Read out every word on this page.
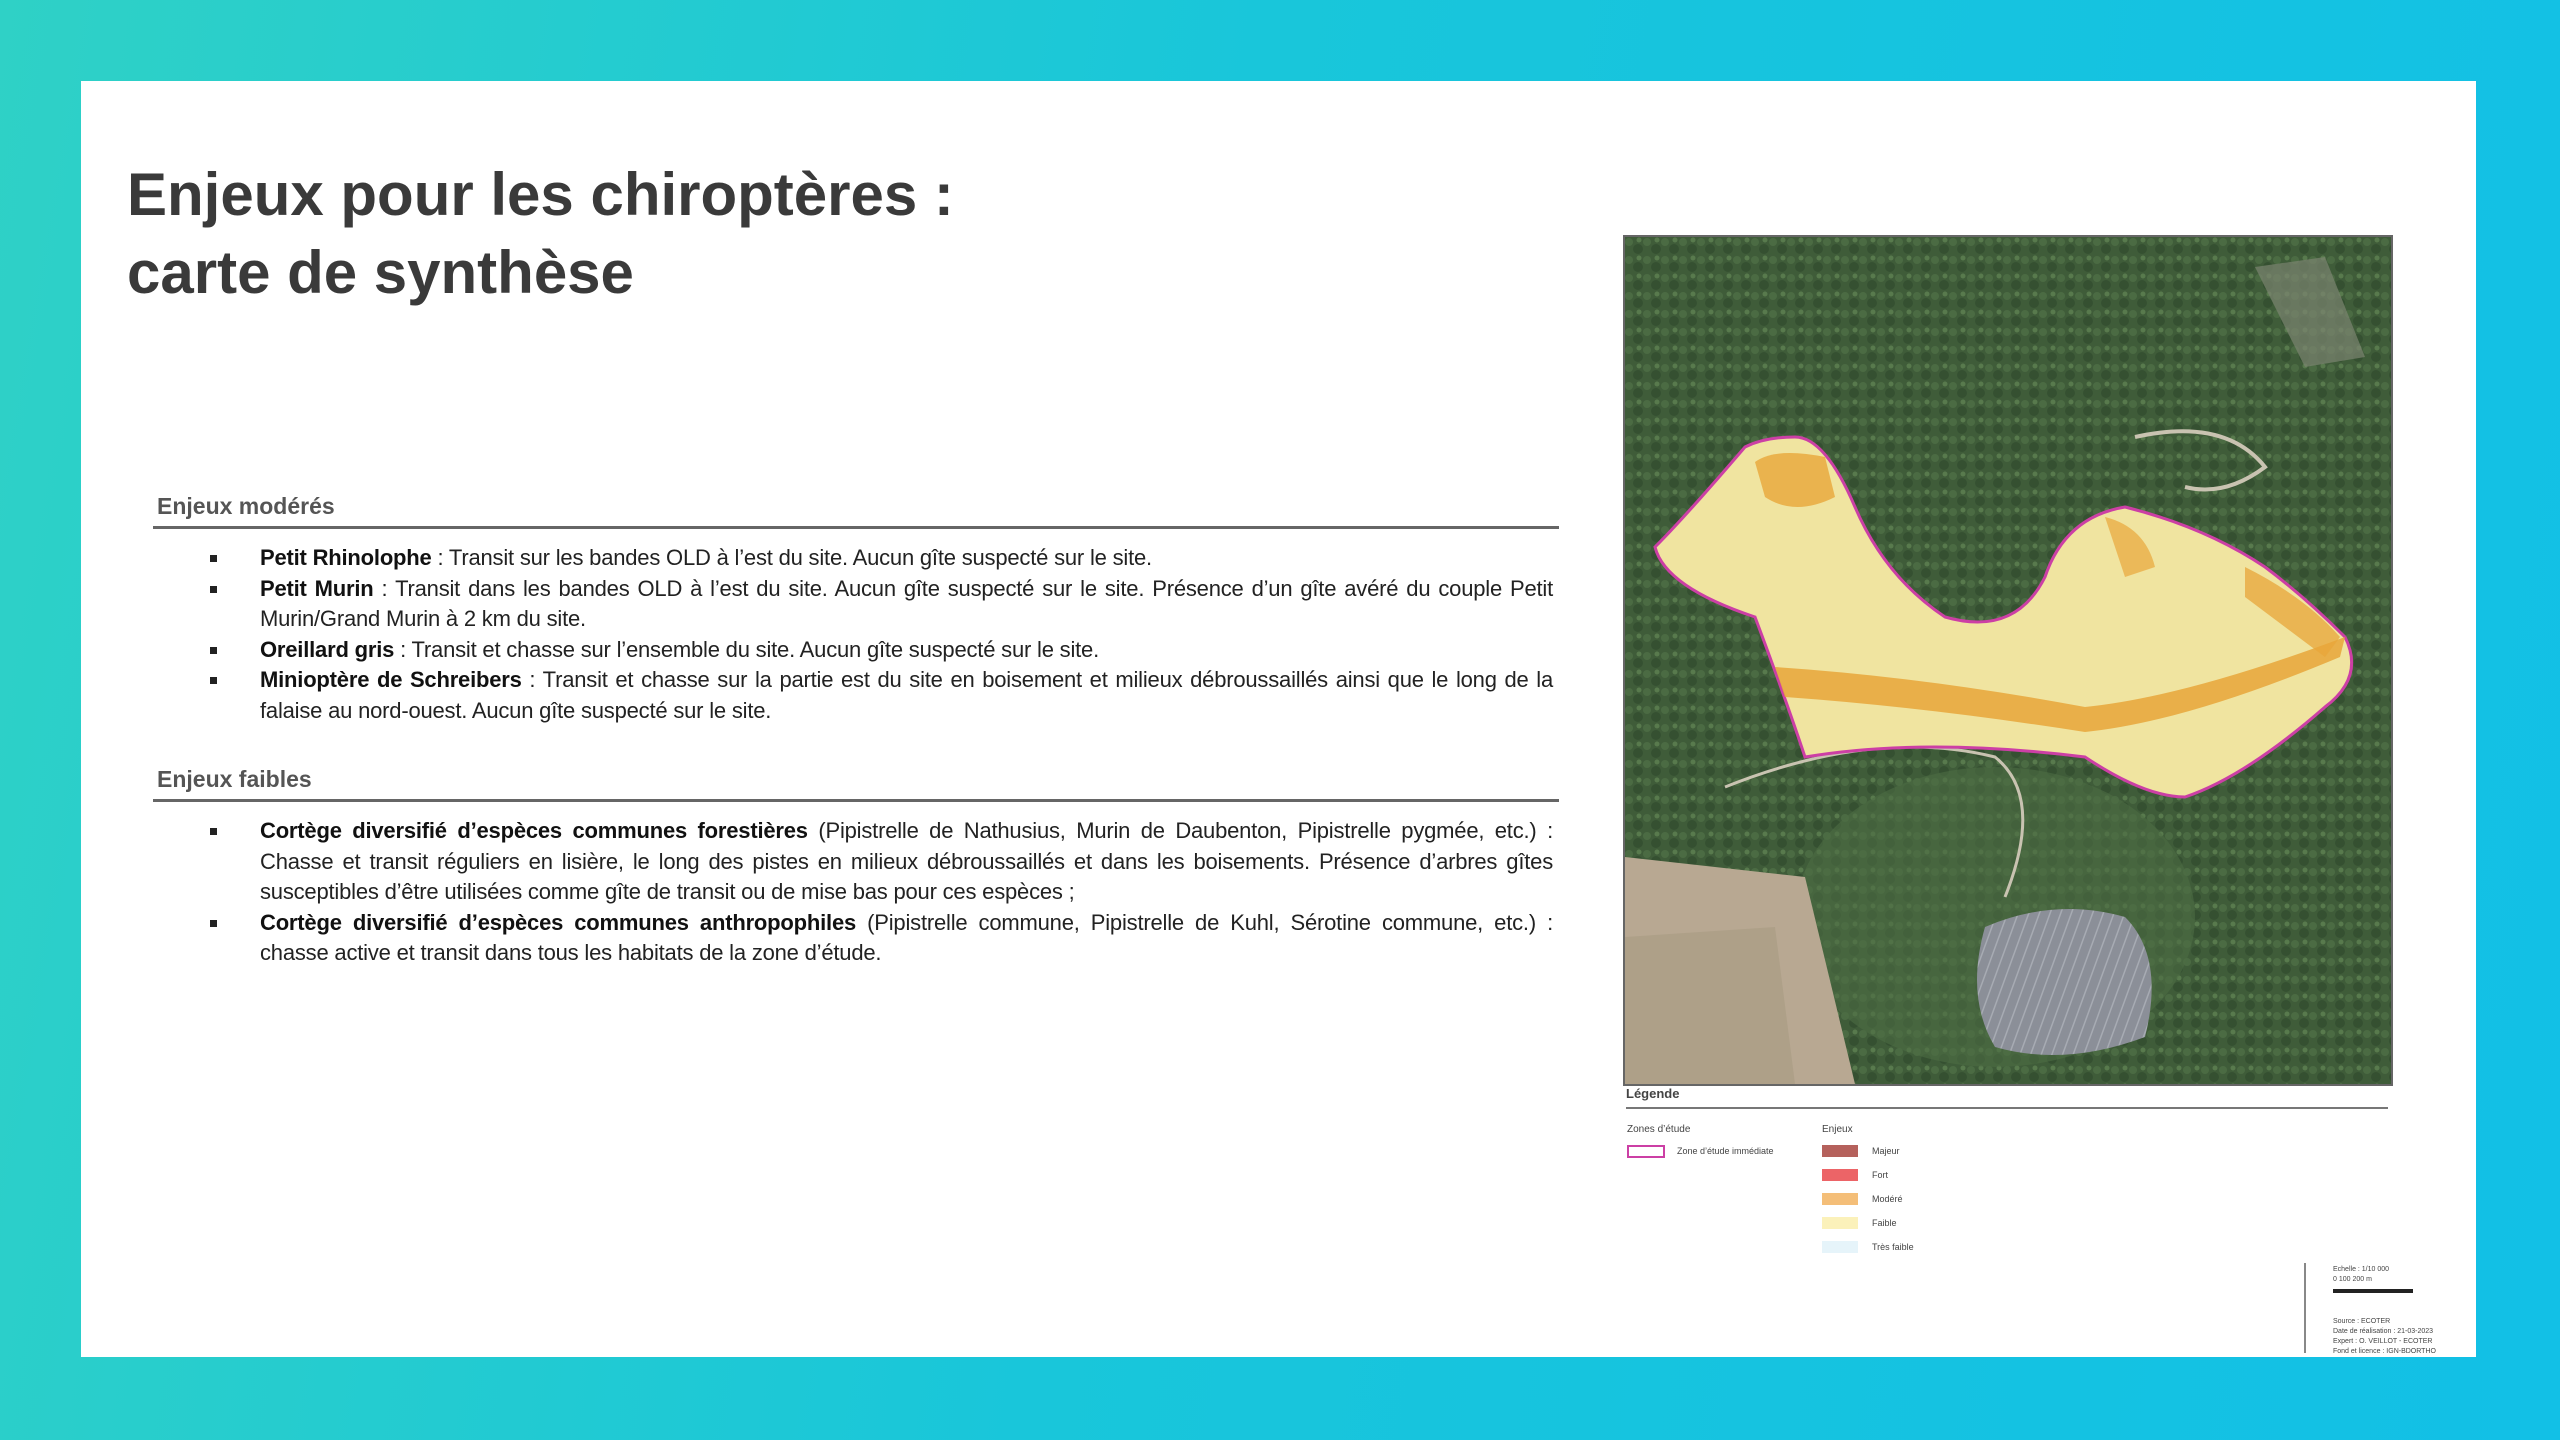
Enjeux pour les chiroptères :
carte de synthèse
Enjeux modérés
Petit Rhinolophe : Transit sur les bandes OLD à l’est du site. Aucun gîte suspecté sur le site.
Petit Murin : Transit dans les bandes OLD à l’est du site. Aucun gîte suspecté sur le site. Présence d’un gîte avéré du couple Petit Murin/Grand Murin à 2 km du site.
Oreillard gris : Transit et chasse sur l’ensemble du site. Aucun gîte suspecté sur le site.
Minioptère de Schreibers : Transit et chasse sur la partie est du site en boisement et milieux débroussaillés ainsi que le long de la falaise au nord-ouest. Aucun gîte suspecté sur le site.
Enjeux faibles
Cortège diversifié d’espèces communes forestières (Pipistrelle de Nathusius, Murin de Daubenton, Pipistrelle pygmée, etc.) : Chasse et transit réguliers en lisière, le long des pistes en milieux débroussaillés et dans les boisements. Présence d’arbres gîtes susceptibles d’être utilisées comme gîte de transit ou de mise bas pour ces espèces ;
Cortège diversifié d’espèces communes anthropophiles (Pipistrelle commune, Pipistrelle de Kuhl, Sérotine commune, etc.) : chasse active et transit dans tous les habitats de la zone d’étude.
Légende
Zones d’étude
Zone d’étude immédiate
Enjeux
Majeur
Fort
Modéré
Faible
Très faible
Echelle : 1/10 000
0 100 200 m
Source : ECOTER
Date de réalisation : 21-03-2023
Expert : O. VEILLOT - ECOTER
Fond et licence : IGN-BDORTHO
